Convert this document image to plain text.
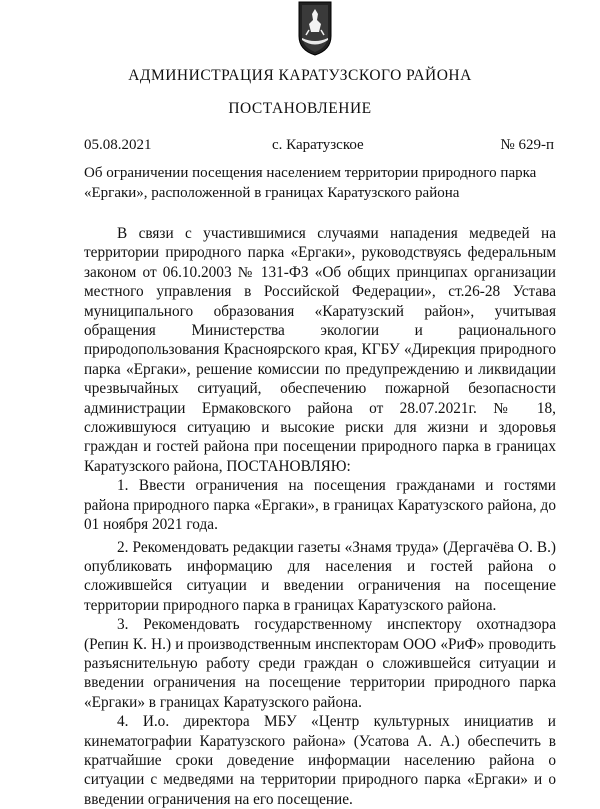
АДМИНИСТРАЦИЯ КАРАТУЗСКОГО РАЙОНА
ПОСТАНОВЛЕНИЕ
05.08.2021	с. Каратузское	№ 629-п
Об ограничении посещения населением территории природного парка «Ергаки», расположенной в границах Каратузского района

В связи с участившимися случаями нападения медведей на территории природного парка «Ергаки», руководствуясь федеральным законом от 06.10.2003 № 131-ФЗ «Об общих принципах организации местного управления в Российской Федерации», ст.26-28 Устава муниципального образования «Каратузский район», учитывая обращения Министерства экологии и рационального природопользования Красноярского края, КГБУ «Дирекция природного парка «Ергаки», решение комиссии по предупреждению и ликвидации чрезвычайных ситуаций, обеспечению пожарной безопасности администрации Ермаковского района от 28.07.2021г. № 18, сложившуюся ситуацию и высокие риски для жизни и здоровья граждан и гостей района при посещении природного парка в границах Каратузского района, ПОСТАНОВЛЯЮ:

1. Ввести ограничения на посещения гражданами и гостями района природного парка «Ергаки», в границах Каратузского района, до 01 ноября 2021 года.

2. Рекомендовать редакции газеты «Знамя труда» (Дергачёва О. В.) опубликовать информацию для населения и гостей района о сложившейся ситуации и введении ограничения на посещение территории природного парка в границах Каратузского района.

3. Рекомендовать государственному инспектору охотнадзора (Репин К. Н.) и производственным инспекторам ООО «РиФ» проводить разъяснительную работу среди граждан о сложившейся ситуации и введении ограничения на посещение территории природного парка «Ергаки» в границах Каратузского района.

4. И.о. директора МБУ «Центр культурных инициатив и кинематографии Каратузского района» (Усатова А. А.) обеспечить в кратчайшие сроки доведение информации населению района о ситуации с медведями на территории природного парка «Ергаки» и о введении ограничения на его посещение.
